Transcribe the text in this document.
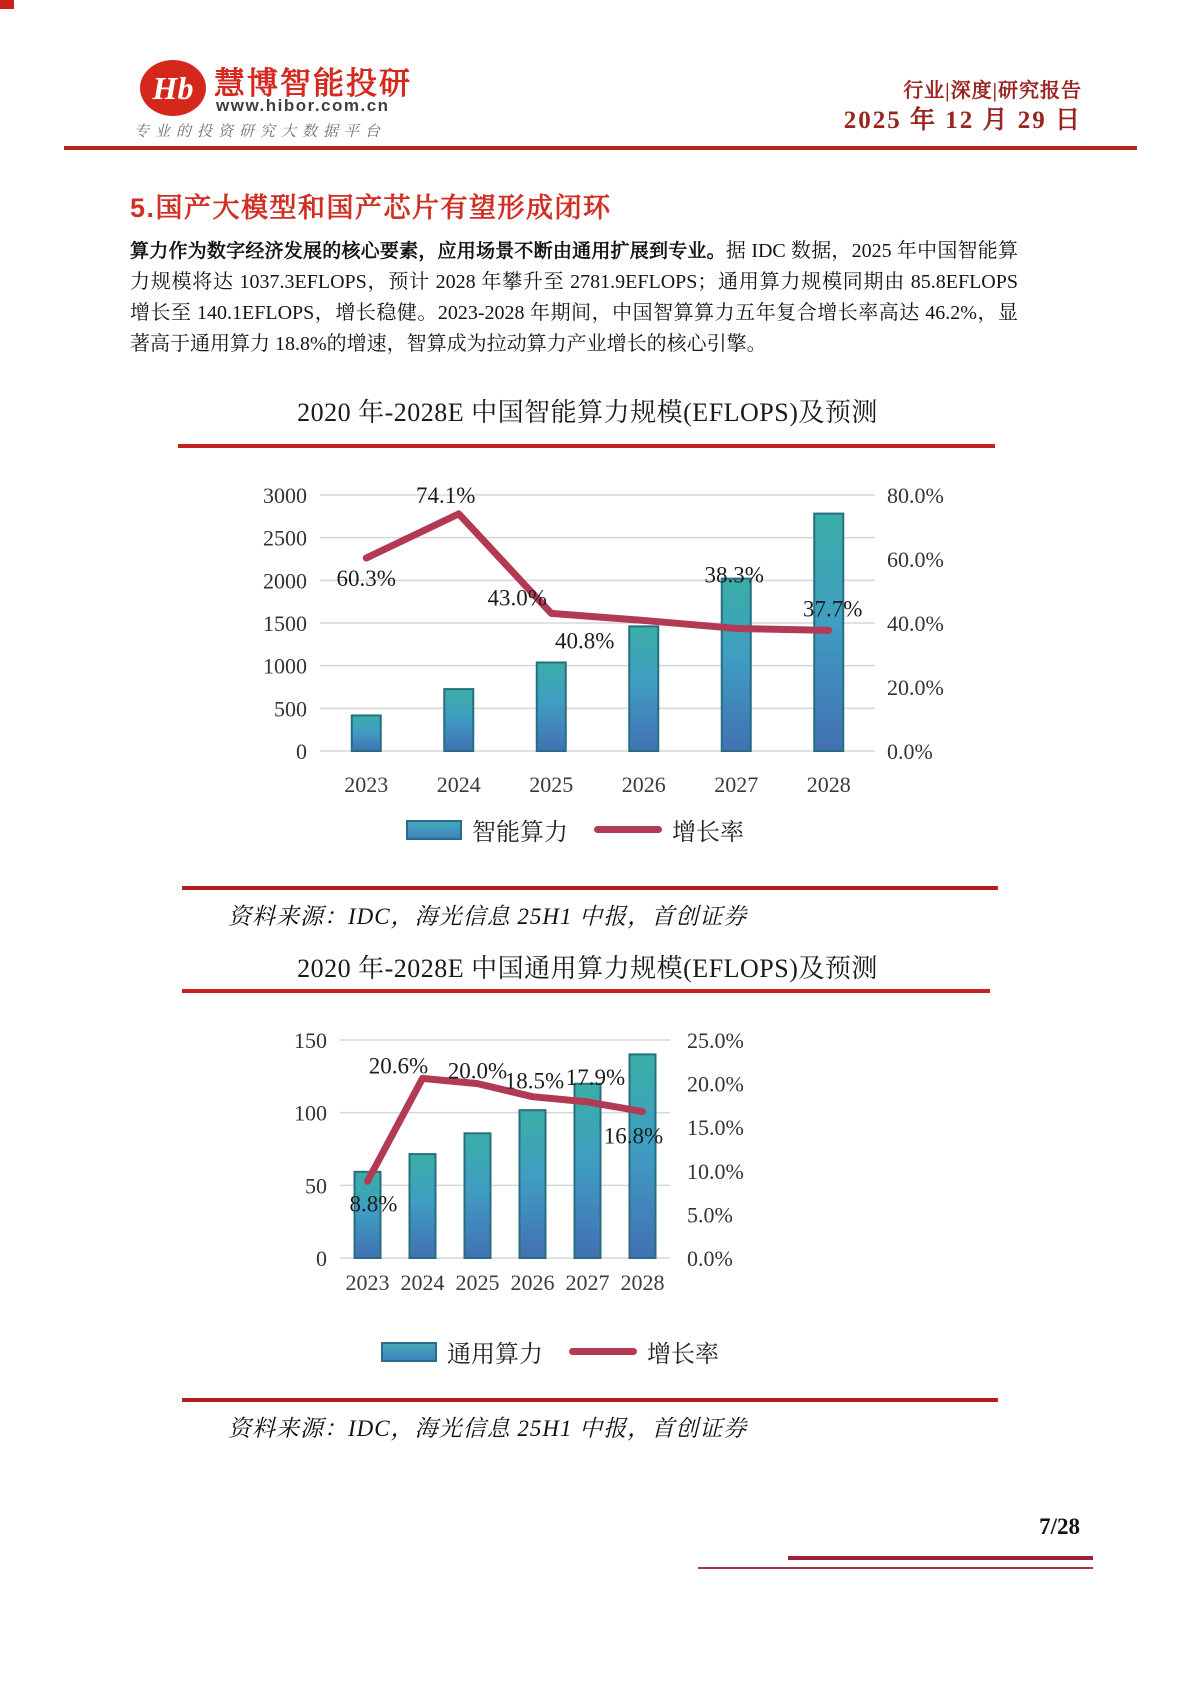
Hb 慧博智能投研
www.hibor.com.cn
专业的投资研究大数据平台
行业|深度|研究报告
2025 年 12 月 29 日
5.国产大模型和国产芯片有望形成闭环

算力作为数字经济发展的核心要素，应用场景不断由通用扩展到专业。据 IDC 数据，2025 年中国智能算力规模将达 1037.3EFLOPS，预计 2028 年攀升至 2781.9EFLOPS；通用算力规模同期由 85.8EFLOPS 增长至 140.1EFLOPS，增长稳健。2023-2028 年期间，中国智算算力五年复合增长率高达 46.2%，显著高于通用算力 18.8%的增速，智算成为拉动算力产业增长的核心引擎。

2020 年-2028E 中国智能算力规模(EFLOPS)及预测
0
500
1000
1500
2000
2500
3000
0.0%
20.0%
40.0%
60.0%
80.0%
2023 2024 2025 2026 2027 2028
60.3%
74.1%
43.0%
40.8%
38.3%
37.7%
智能算力	增长率
资料来源：IDC，海光信息 25H1 中报，首创证券
2020 年-2028E 中国通用算力规模(EFLOPS)及预测
0
50
100
150
0.0%
5.0%
10.0%
15.0%
20.0%
25.0%
2023 2024 2025 2026 2027 2028
8.8%
20.6% 20.0%
18.5% 17.9%
16.8%
通用算力	增长率
资料来源：IDC，海光信息 25H1 中报，首创证券
7/28
